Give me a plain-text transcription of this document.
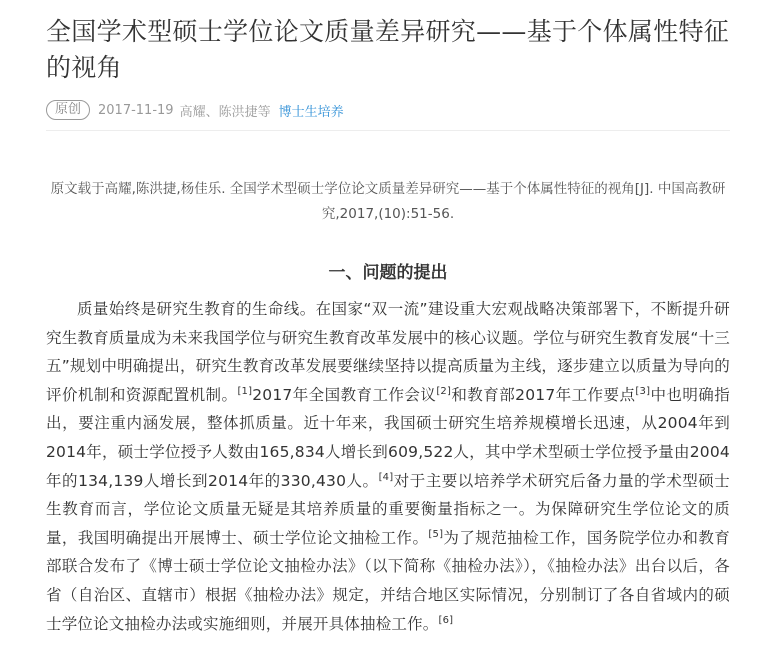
全国学术型硕士学位论文质量差异研究——基于个体属性特征的视角
原创	2017-11-19 高耀、陈洪捷等 博士生培养
原文载于高耀,陈洪捷,杨佳乐. 全国学术型硕士学位论文质量差异研究——基于个体属性特征的视角[J]. 中国高教研究,2017,(10):51-56.
一、问题的提出

质量始终是研究生教育的生命线。在国家“双一流”建设重大宏观战略决策部署下，不断提升研究生教育质量成为未来我国学位与研究生教育改革发展中的核心议题。学位与研究生教育发展“十三五”规划中明确提出，研究生教育改革发展要继续坚持以提高质量为主线，逐步建立以质量为导向的评价机制和资源配置机制。[1]2017年全国教育工作会议[2]和教育部2017年工作要点[3]中也明确指出，要注重内涵发展，整体抓质量。近十年来，我国硕士研究生培养规模增长迅速，从2004年到2014年，硕士学位授予人数由165,834人增长到609,522人，其中学术型硕士学位授予量由2004年的134,139人增长到2014年的330,430人。[4]对于主要以培养学术研究后备力量的学术型硕士生教育而言，学位论文质量无疑是其培养质量的重要衡量指标之一。为保障研究生学位论文的质量，我国明确提出开展博士、硕士学位论文抽检工作。[5]为了规范抽检工作，国务院学位办和教育部联合发布了《博士硕士学位论文抽检办法》（以下简称《抽检办法》），《抽检办法》出台以后，各省（自治区、直辖市）根据《抽检办法》规定，并结合地区实际情况，分别制订了各自省域内的硕士学位论文抽检办法或实施细则，并展开具体抽检工作。[6]
